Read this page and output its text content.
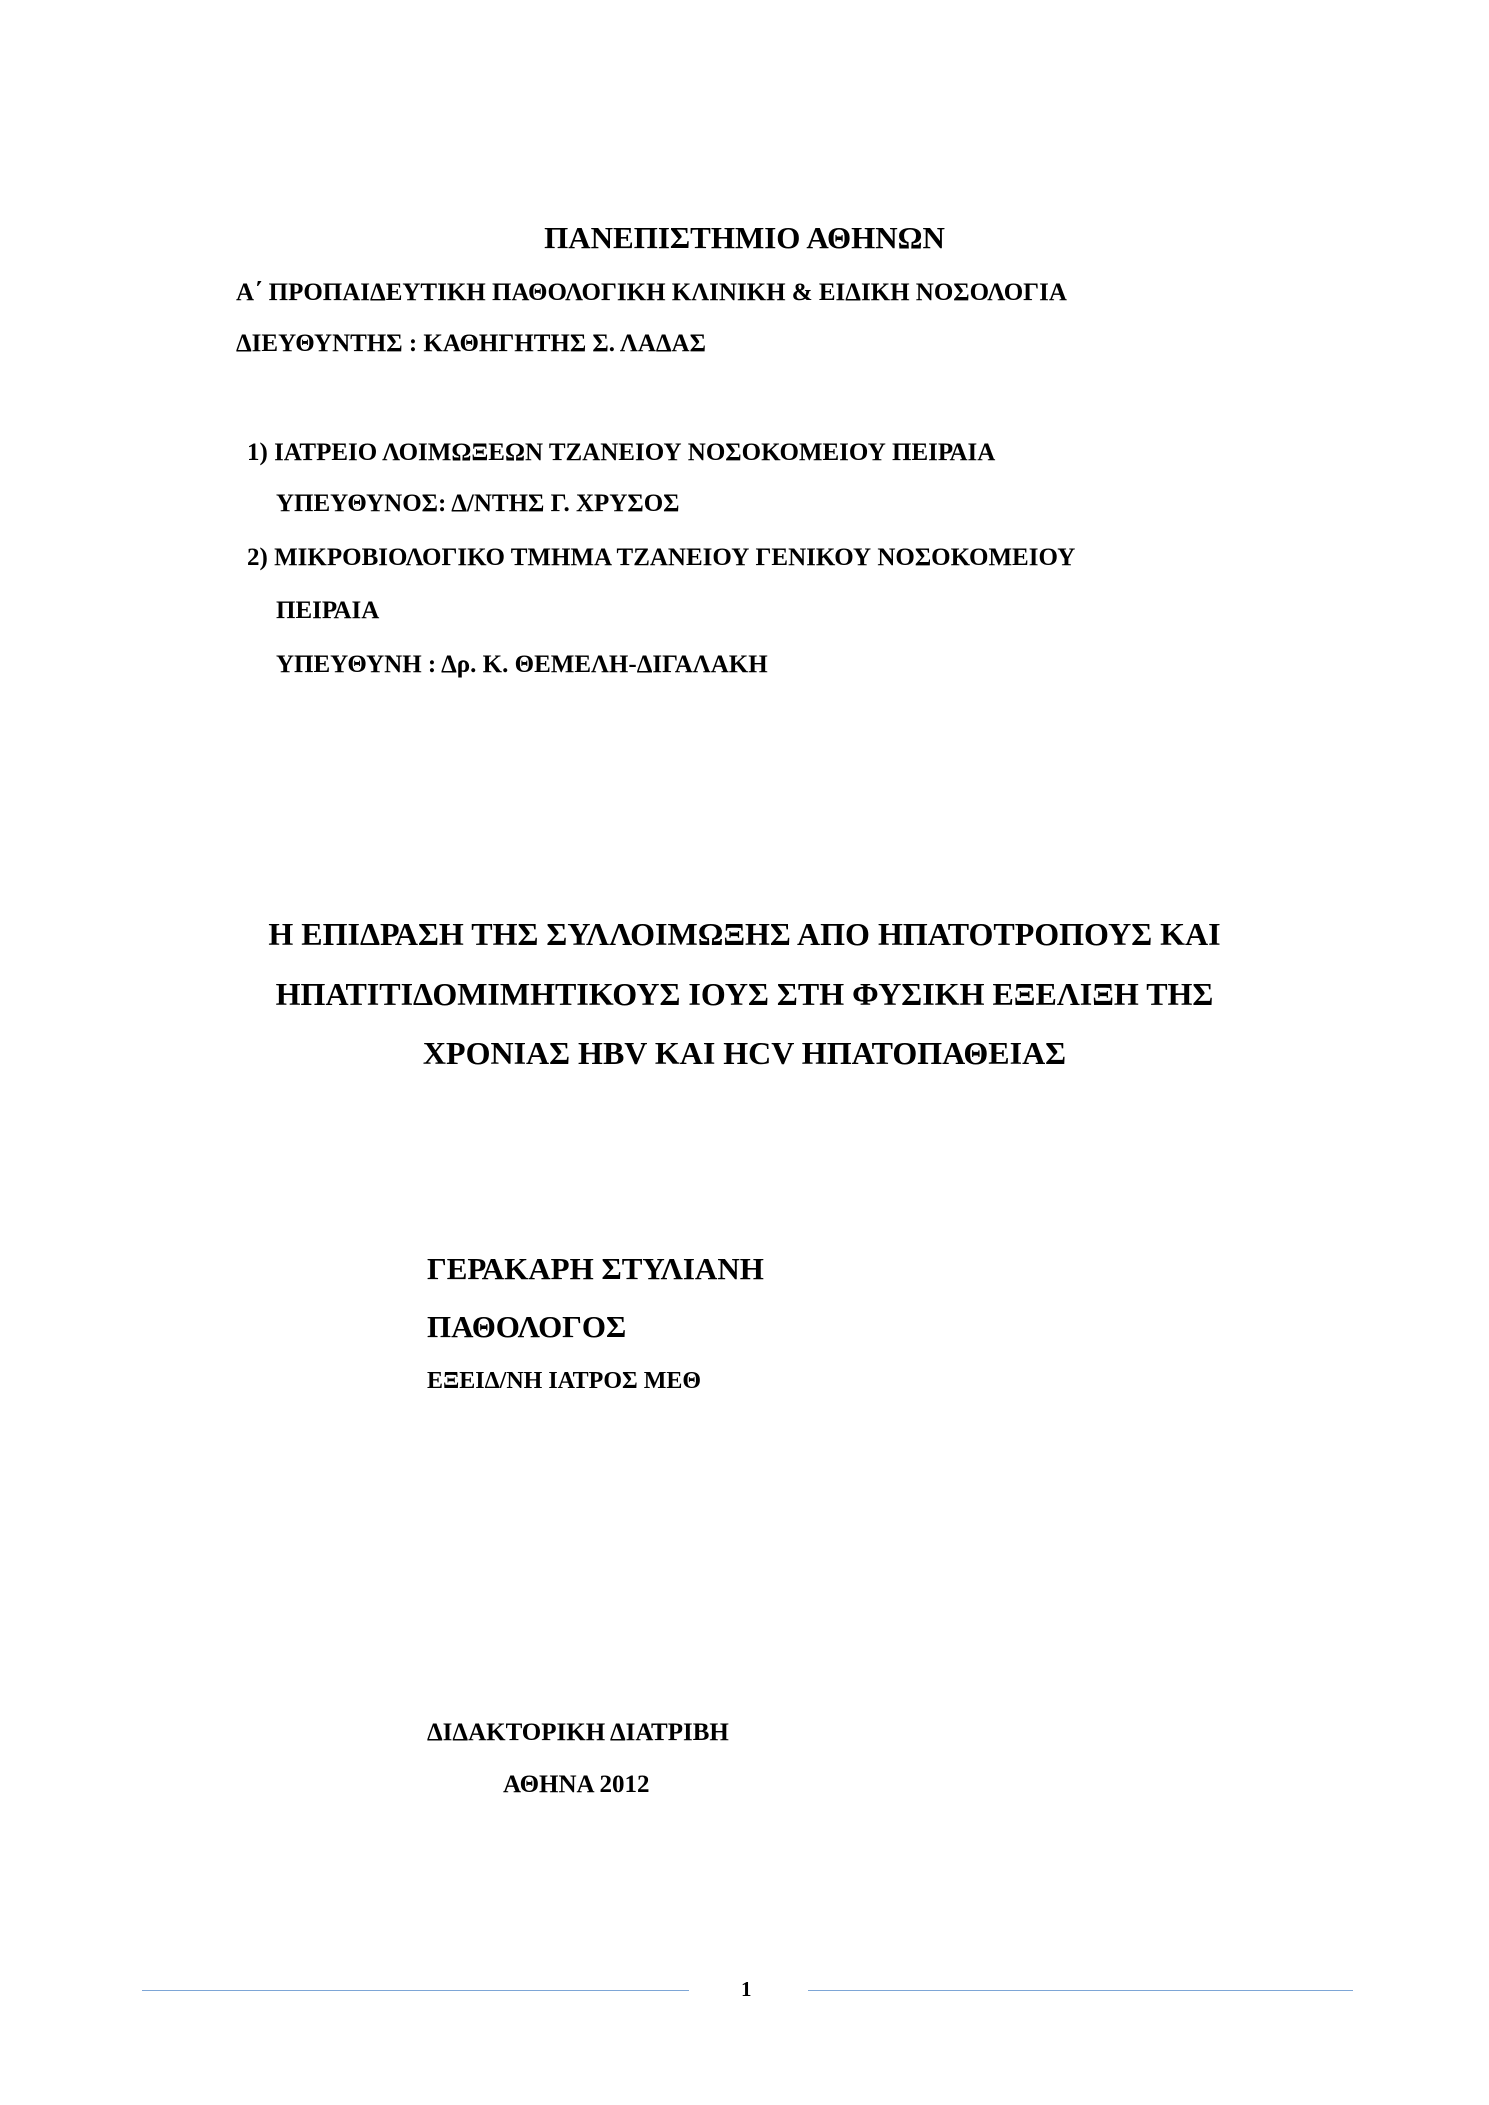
ΠΑΝΕΠΙΣΤΗΜΙΟ ΑΘΗΝΩΝ
Α΄ ΠΡΟΠΑΙΔΕΥΤΙΚΗ ΠΑΘΟΛΟΓΙΚΗ ΚΛΙΝΙΚΗ & ΕΙΔΙΚΗ ΝΟΣΟΛΟΓΙΑ
ΔΙΕΥΘΥΝΤΗΣ : ΚΑΘΗΓΗΤΗΣ Σ. ΛΑΔΑΣ
1) ΙΑΤΡΕΙΟ ΛΟΙΜΩΞΕΩΝ ΤΖΑΝΕΙΟΥ ΝΟΣΟΚΟΜΕΙΟΥ ΠΕΙΡΑΙΑ
ΥΠΕΥΘΥΝΟΣ: Δ/ΝΤΗΣ Γ. ΧΡΥΣΟΣ
2) ΜΙΚΡΟΒΙΟΛΟΓΙΚΟ ΤΜΗΜΑ ΤΖΑΝΕΙΟΥ ΓΕΝΙΚΟΥ ΝΟΣΟΚΟΜΕΙΟΥ
ΠΕΙΡΑΙΑ
ΥΠΕΥΘΥΝΗ : Δρ. Κ. ΘΕΜΕΛΗ-ΔΙΓΑΛΑΚΗ
Η ΕΠΙΔΡΑΣΗ ΤΗΣ ΣΥΛΛΟΙΜΩΞΗΣ ΑΠΟ ΗΠΑΤΟΤΡΟΠΟΥΣ ΚΑΙ
ΗΠΑΤΙΤΙΔΟΜΙΜΗΤΙΚΟΥΣ ΙΟΥΣ ΣΤΗ ΦΥΣΙΚΗ ΕΞΕΛΙΞΗ ΤΗΣ
ΧΡΟΝΙΑΣ HBV ΚΑΙ HCV ΗΠΑΤΟΠΑΘΕΙΑΣ
ΓΕΡΑΚΑΡΗ ΣΤΥΛΙΑΝΗ
ΠΑΘΟΛΟΓΟΣ
ΕΞΕΙΔ/ΝΗ ΙΑΤΡΟΣ ΜΕΘ
ΔΙΔΑΚΤΟΡΙΚΗ ΔΙΑΤΡΙΒΗ
ΑΘΗΝΑ 2012
1
